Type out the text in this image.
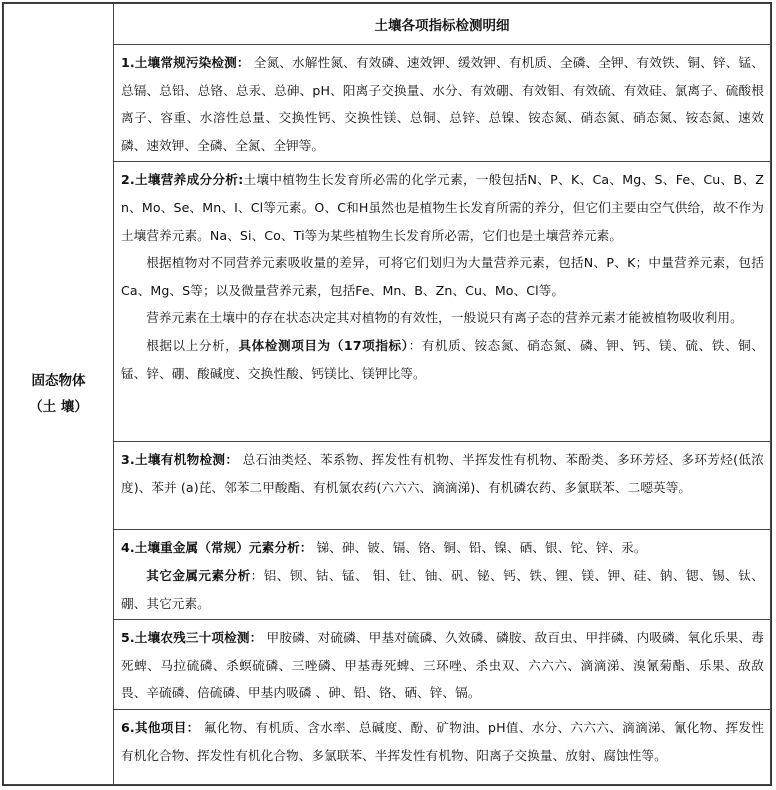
固态物体
（土 壤）
	土壤各项指标检测明细

1.土壤常规污染检测： 全氮、水解性氮、有效磷、速效钾、缓效钾、有机质、全磷、全钾、有效铁、铜、锌、锰、总镉、总铅、总铬、总汞、总砷、pH、阳离子交换量、水分、有效硼、有效钼、有效硫、有效硅、氯离子、硫酸根离子、容重、水溶性总量、交换性钙、交换性镁、总铜、总锌、总镍、铵态氮、硝态氮、硝态氮、铵态氮、速效磷、速效钾、全磷、全氮、全钾等。

2.土壤营养成分分析:土壤中植物生长发育所必需的化学元素，一般包括N、P、K、Ca、Mg、S、Fe、Cu、B、Zn、Mo、Se、Mn、I、Cl等元素。O、C和H虽然也是植物生长发育所需的养分，但它们主要由空气供给，故不作为土壤营养元素。Na、Si、Co、Ti等为某些植物生长发育所必需，它们也是土壤营养元素。

根据植物对不同营养元素吸收量的差异，可将它们划归为大量营养元素，包括N、P、K；中量营养元素，包括Ca、Mg、S等；以及微量营养元素，包括Fe、Mn、B、Zn、Cu、Mo、Cl等。

营养元素在土壤中的存在状态决定其对植物的有效性，一般说只有离子态的营养元素才能被植物吸收利用。

根据以上分析，具体检测项目为（17项指标）：有机质、铵态氮、硝态氮、磷、钾、钙、镁、硫、铁、铜、锰、锌、硼、酸碱度、交换性酸、钙镁比、镁钾比等。

3.土壤有机物检测： 总石油类烃、苯系物、挥发性有机物、半挥发性有机物、苯酚类、多环芳烃、多环芳烃(低浓度)、苯并 (a)芘、邻苯二甲酸酯、有机氯农药(六六六、滴滴涕)、有机磷农药、多氯联苯、二噁英等。

4.土壤重金属（常规）元素分析： 锑、砷、铍、镉、铬、铜、铅、镍、硒、银、铊、锌、汞。

其它金属元素分析：铝、钡、钴、锰、 钼、钍、铀、矾、铋、钙、铁、锂、镁、钾、硅、钠、锶、锡、钛、硼、其它元素。

5.土壤农残三十项检测： 甲胺磷、对硫磷、甲基对硫磷、久效磷、磷胺、敌百虫、甲拌磷、内吸磷、氧化乐果、毒死蜱、马拉硫磷、杀螟硫磷、三唑磷、甲基毒死蜱、三环唑、杀虫双、六六六、滴滴涕、溴氰菊酯、乐果、敌敌畏、辛硫磷、倍硫磷、甲基内吸磷 、砷、铅、铬、硒、锌、镉。

6.其他项目： 氟化物、有机质、含水率、总碱度、酚、矿物油、pH值、水分、六六六、滴滴涕、氰化物、挥发性有机化合物、挥发性有机化合物、多氯联苯、半挥发性有机物、阳离子交换量、放射、腐蚀性等。
